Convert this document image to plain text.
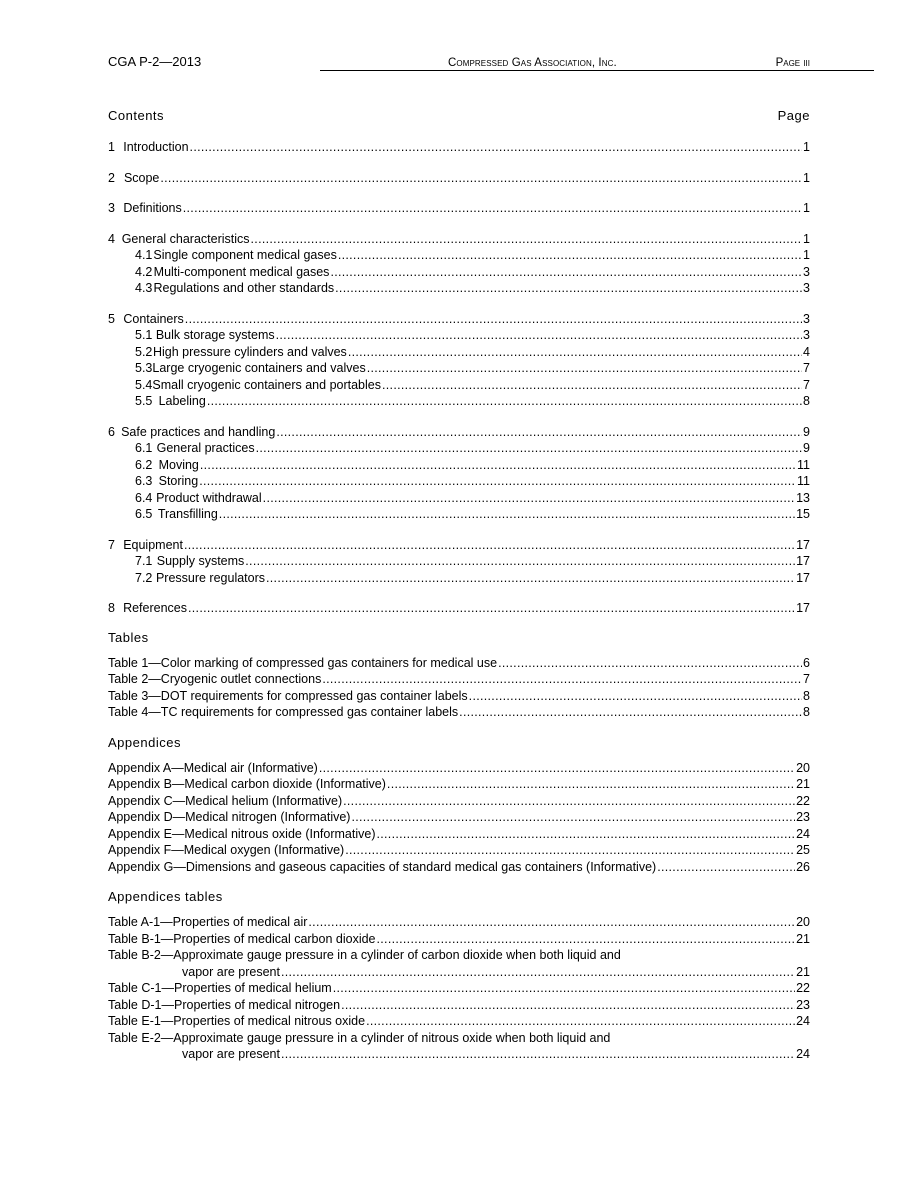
CGA P-2—2013	Compressed Gas Association, Inc.	Page iii
Contents	Page
1 Introduction .....	1
2 Scope .....	1
3 Definitions .....	1
4 General characteristics .....	1
4.1 Single component medical gases .....	1
4.2 Multi-component medical gases .....	3
4.3 Regulations and other standards .....	3
5 Containers .....	3
5.1 Bulk storage systems .....	3
5.2 High pressure cylinders and valves .....	4
5.3 Large cryogenic containers and valves .....	7
5.4 Small cryogenic containers and portables .....	7
5.5 Labeling .....	8
6 Safe practices and handling .....	9
6.1 General practices .....	9
6.2 Moving .....	11
6.3 Storing .....	11
6.4 Product withdrawal .....	13
6.5 Transfilling .....	15
7 Equipment .....	17
7.1 Supply systems .....	17
7.2 Pressure regulators .....	17
8 References .....	17
Tables
Table 1—Color marking of compressed gas containers for medical use .....	6
Table 2—Cryogenic outlet connections .....	7
Table 3—DOT requirements for compressed gas container labels .....	8
Table 4—TC requirements for compressed gas container labels .....	8
Appendices
Appendix A—Medical air (Informative) .....	20
Appendix B—Medical carbon dioxide (Informative) .....	21
Appendix C—Medical helium (Informative) .....	22
Appendix D—Medical nitrogen (Informative) .....	23
Appendix E—Medical nitrous oxide (Informative) .....	24
Appendix F—Medical oxygen (Informative) .....	25
Appendix G—Dimensions and gaseous capacities of standard medical gas containers (Informative) .....	26
Appendices tables
Table A-1—Properties of medical air .....	20
Table B-1—Properties of medical carbon dioxide .....	21
Table B-2—Approximate gauge pressure in a cylinder of carbon dioxide when both liquid and
vapor are present .....	21
Table C-1—Properties of medical helium .....	22
Table D-1—Properties of medical nitrogen .....	23
Table E-1—Properties of medical nitrous oxide .....	24
Table E-2—Approximate gauge pressure in a cylinder of nitrous oxide when both liquid and
vapor are present .....	24
